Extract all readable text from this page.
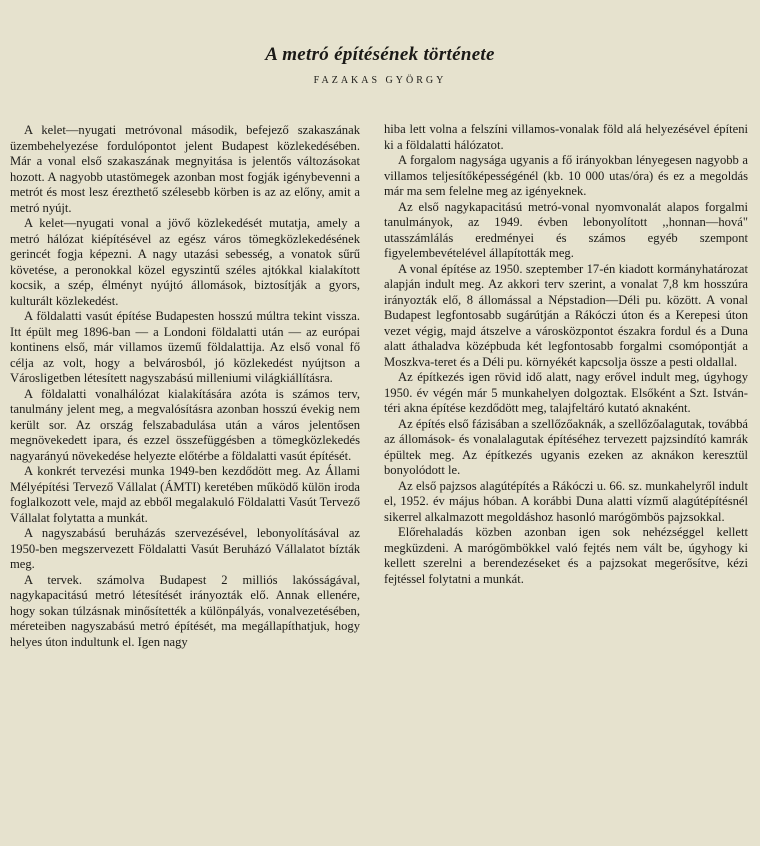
A metró építésének története
FAZAKAS GYÖRGY

A kelet—nyugati metróvonal második, befejező szakaszának üzembehelyezése fordulópontot jelent Budapest közlekedésében. Már a vonal első szakaszának megnyitása is jelentős változásokat hozott. A nagyobb utastömegek azonban most fogják igénybevenni a metrót és most lesz érezthető szélesebb körben is az az előny, amit a metró nyújt.

A kelet—nyugati vonal a jövő közlekedését mutatja, amely a metró hálózat kiépítésével az egész város tömegközlekedésének gerincét fogja képezni. A nagy utazási sebesség, a vonatok sűrű követése, a peronokkal közel egyszintű széles ajtókkal kialakított kocsik, a szép, élményt nyújtó állomások, biztosítják a gyors, kulturált közlekedést.

A földalatti vasút építése Budapesten hosszú múltra tekint vissza. Itt épült meg 1896-ban — a Londoni földalatti után — az európai kontinens első, már villamos üzemű földalattija. Az első vonal fő célja az volt, hogy a belvárosból, jó közlekedést nyújtson a Városligetben létesített nagyszabású milleniumi világkiállításra.

A földalatti vonalhálózat kialakítására azóta is számos terv, tanulmány jelent meg, a megvalósításra azonban hosszú évekig nem került sor. Az ország felszabadulása után a város jelentősen megnövekedett ipara, és ezzel összefüggésben a tömegközlekedés nagyarányú növekedése helyezte előtérbe a földalatti vasút építését.

A konkrét tervezési munka 1949-ben kezdődött meg. Az Állami Mélyépítési Tervező Vállalat (ÁMTI) keretében működő külön iroda foglalkozott vele, majd az ebből megalakuló Földalatti Vasút Tervező Vállalat folytatta a munkát.

A nagyszabású beruházás szervezésével, lebonyolításával az 1950-ben megszervezett Földalatti Vasút Beruházó Vállalatot bízták meg.

A tervek. számolva Budapest 2 milliós lakósságával, nagykapacitású metró létesítését irányozták elő. Annak ellenére, hogy sokan túlzásnak minősítették a különpályás, vonalvezetésében, méreteiben nagyszabású metró építését, ma megállapíthatjuk, hogy helyes úton indultunk el. Igen nagy

hiba lett volna a felszíni villamos-vonalak föld alá helyezésével építeni ki a földalatti hálózatot.

A forgalom nagysága ugyanis a fő irányokban lényegesen nagyobb a villamos teljesítőképességénél (kb. 10 000 utas/óra) és ez a megoldás már ma sem felelne meg az igényeknek.

Az első nagykapacitású metró-vonal nyomvonalát alapos forgalmi tanulmányok, az 1949. évben lebonyolított ,,honnan—hová" utasszámlálás eredményei és számos egyéb szempont figyelembevételével állapították meg.

A vonal építése az 1950. szeptember 17-én kiadott kormányhatározat alapján indult meg. Az akkori terv szerint, a vonalat 7,8 km hosszúra irányozták elő, 8 állomással a Népstadion—Déli pu. között. A vonal Budapest legfontosabb sugárútján a Rákóczi úton és a Kerepesi úton vezet végig, majd átszelve a városközpontot északra fordul és a Duna alatt áthaladva középbuda két legfontosabb forgalmi csomópontját a Moszkva-teret és a Déli pu. környékét kapcsolja össze a pesti oldallal.

Az építkezés igen rövid idő alatt, nagy erővel indult meg, úgyhogy 1950. év végén már 5 munkahelyen dolgoztak. Elsőként a Szt. István-téri akna építése kezdődött meg, talajfeltáró kutató aknaként.

Az építés első fázisában a szellőzőaknák, a szellőzőalagutak, továbbá az állomások- és vonalalagutak építéséhez tervezett pajzsindító kamrák épültek meg. Az építkezés ugyanis ezeken az aknákon keresztül bonyolódott le.

Az első pajzsos alagútépítés a Rákóczi u. 66. sz. munkahelyről indult el, 1952. év május hóban. A korábbi Duna alatti vízmű alagútépítésnél sikerrel alkalmazott megoldáshoz hasonló marógömbös pajzsokkal.

Előrehaladás közben azonban igen sok nehézséggel kellett megküzdeni. A marógömbökkel való fejtés nem vált be, úgyhogy ki kellett szerelni a berendezéseket és a pajzsokat megerősítve, kézi fejtéssel folytatni a munkát.
